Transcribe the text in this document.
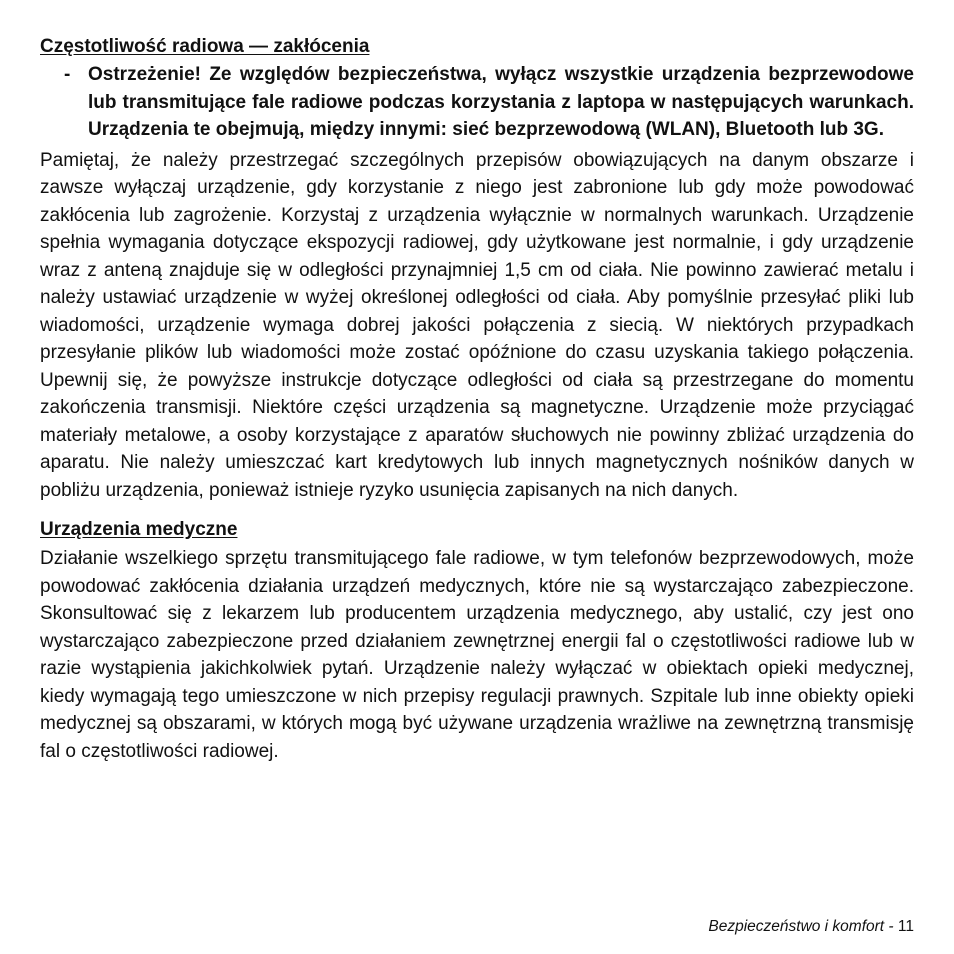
Częstotliwość radiowa — zakłócenia
- Ostrzeżenie! Ze względów bezpieczeństwa, wyłącz wszystkie urządzenia bezprzewodowe lub transmitujące fale radiowe podczas korzystania z laptopa w następujących warunkach. Urządzenia te obejmują, między innymi: sieć bezprzewodową (WLAN), Bluetooth lub 3G.

Pamiętaj, że należy przestrzegać szczególnych przepisów obowiązujących na danym obszarze i zawsze wyłączaj urządzenie, gdy korzystanie z niego jest zabronione lub gdy może powodować zakłócenia lub zagrożenie. Korzystaj z urządzenia wyłącznie w normalnych warunkach. Urządzenie spełnia wymagania dotyczące ekspozycji radiowej, gdy użytkowane jest normalnie, i gdy urządzenie wraz z anteną znajduje się w odległości przynajmniej 1,5 cm od ciała. Nie powinno zawierać metalu i należy ustawiać urządzenie w wyżej określonej odległości od ciała. Aby pomyślnie przesyłać pliki lub wiadomości, urządzenie wymaga dobrej jakości połączenia z siecią. W niektórych przypadkach przesyłanie plików lub wiadomości może zostać opóźnione do czasu uzyskania takiego połączenia. Upewnij się, że powyższe instrukcje dotyczące odległości od ciała są przestrzegane do momentu zakończenia transmisji. Niektóre części urządzenia są magnetyczne. Urządzenie może przyciągać materiały metalowe, a osoby korzystające z aparatów słuchowych nie powinny zbliżać urządzenia do aparatu. Nie należy umieszczać kart kredytowych lub innych magnetycznych nośników danych w pobliżu urządzenia, ponieważ istnieje ryzyko usunięcia zapisanych na nich danych.

Urządzenia medyczne

Działanie wszelkiego sprzętu transmitującego fale radiowe, w tym telefonów bezprzewodowych, może powodować zakłócenia działania urządzeń medycznych, które nie są wystarczająco zabezpieczone. Skonsultować się z lekarzem lub producentem urządzenia medycznego, aby ustalić, czy jest ono wystarczająco zabezpieczone przed działaniem zewnętrznej energii fal o częstotliwości radiowe lub w razie wystąpienia jakichkolwiek pytań. Urządzenie należy wyłączać w obiektach opieki medycznej, kiedy wymagają tego umieszczone w nich przepisy regulacji prawnych. Szpitale lub inne obiekty opieki medycznej są obszarami, w których mogą być używane urządzenia wrażliwe na zewnętrzną transmisję fal o częstotliwości radiowej.

Bezpieczeństwo i komfort - 11
